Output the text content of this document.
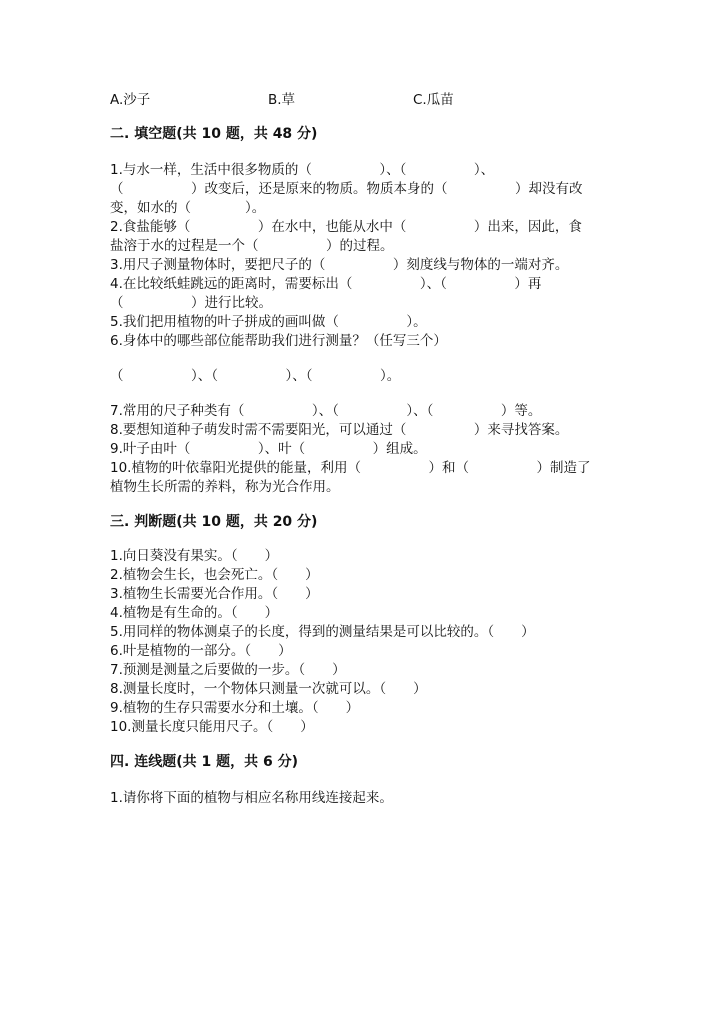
A.沙子	B.草	C.瓜苗
二. 填空题(共 10 题，共 48 分)
1.与水一样，生活中很多物质的（　　　　　）、（　　　　　）、
（　　　　　）改变后，还是原来的物质。物质本身的（　　　　　）却没有改
变，如水的（　　　　）。
2.食盐能够（　　　　　）在水中，也能从水中（　　　　　）出来，因此，食
盐溶于水的过程是一个（　　　　　）的过程。
3.用尺子测量物体时，要把尺子的（　　　　　）刻度线与物体的一端对齐。
4.在比较纸蛙跳远的距离时，需要标出（　　　　　）、（　　　　　）再
（　　　　　）进行比较。
5.我们把用植物的叶子拼成的画叫做（　　　　　）。
6.身体中的哪些部位能帮助我们进行测量？（任写三个）
（　　　　　）、（　　　　　）、（　　　　　）。
7.常用的尺子种类有（　　　　　）、（　　　　　）、（　　　　　）等。
8.要想知道种子萌发时需不需要阳光，可以通过（　　　　　）来寻找答案。
9.叶子由叶（　　　　　）、叶（　　　　　）组成。
10.植物的叶依靠阳光提供的能量，利用（　　　　　）和（　　　　　）制造了
植物生长所需的养料，称为光合作用。
三. 判断题(共 10 题，共 20 分)
1.向日葵没有果实。（　　）
2.植物会生长，也会死亡。（　　）
3.植物生长需要光合作用。（　　）
4.植物是有生命的。（　　）
5.用同样的物体测桌子的长度，得到的测量结果是可以比较的。（　　）
6.叶是植物的一部分。（　　）
7.预测是测量之后要做的一步。（　　）
8.测量长度时，一个物体只测量一次就可以。（　　）
9.植物的生存只需要水分和土壤。（　　）
10.测量长度只能用尺子。（　　）
四. 连线题(共 1 题，共 6 分)
1.请你将下面的植物与相应名称用线连接起来。
